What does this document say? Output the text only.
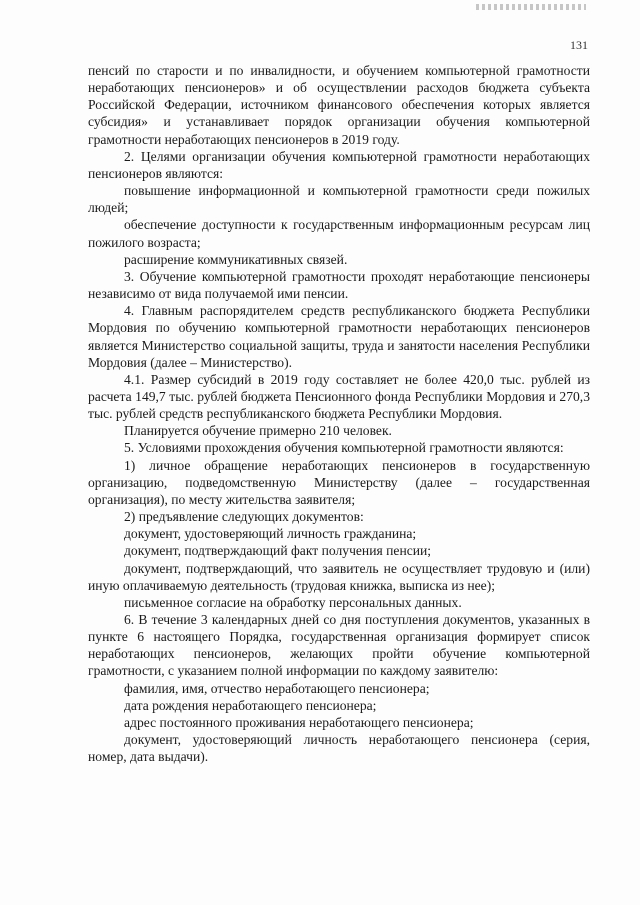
131

пенсий по старости и по инвалидности, и обучением компьютерной грамотности неработающих пенсионеров» и об осуществлении расходов бюджета субъекта Российской Федерации, источником финансового обеспечения которых является субсидия» и устанавливает порядок организации обучения компьютерной грамотности неработающих пенсионеров в 2019 году.

2. Целями организации обучения компьютерной грамотности неработающих пенсионеров являются:

повышение информационной и компьютерной грамотности среди пожилых людей;

обеспечение доступности к государственным информационным ресурсам лиц пожилого возраста;

расширение коммуникативных связей.

3. Обучение компьютерной грамотности проходят неработающие пенсионеры независимо от вида получаемой ими пенсии.

4. Главным распорядителем средств республиканского бюджета Республики Мордовия по обучению компьютерной грамотности неработающих пенсионеров является Министерство социальной защиты, труда и занятости населения Республики Мордовия (далее – Министерство).

4.1. Размер субсидий в 2019 году составляет не более 420,0 тыс. рублей из расчета 149,7 тыс. рублей бюджета Пенсионного фонда Республики Мордовия и 270,3 тыс. рублей средств республиканского бюджета Республики Мордовия.

Планируется обучение примерно 210 человек.

5. Условиями прохождения обучения компьютерной грамотности являются:

1) личное обращение неработающих пенсионеров в государственную организацию, подведомственную Министерству (далее – государственная организация), по месту жительства заявителя;

2) предъявление следующих документов:

документ, удостоверяющий личность гражданина;

документ, подтверждающий факт получения пенсии;

документ, подтверждающий, что заявитель не осуществляет трудовую и (или) иную оплачиваемую деятельность (трудовая книжка, выписка из нее);

письменное согласие на обработку персональных данных.

6. В течение 3 календарных дней со дня поступления документов, указанных в пункте 6 настоящего Порядка, государственная организация формирует список неработающих пенсионеров, желающих пройти обучение компьютерной грамотности, с указанием полной информации по каждому заявителю:

фамилия, имя, отчество неработающего пенсионера;

дата рождения неработающего пенсионера;

адрес постоянного проживания неработающего пенсионера;

документ, удостоверяющий личность неработающего пенсионера (серия, номер, дата выдачи).
